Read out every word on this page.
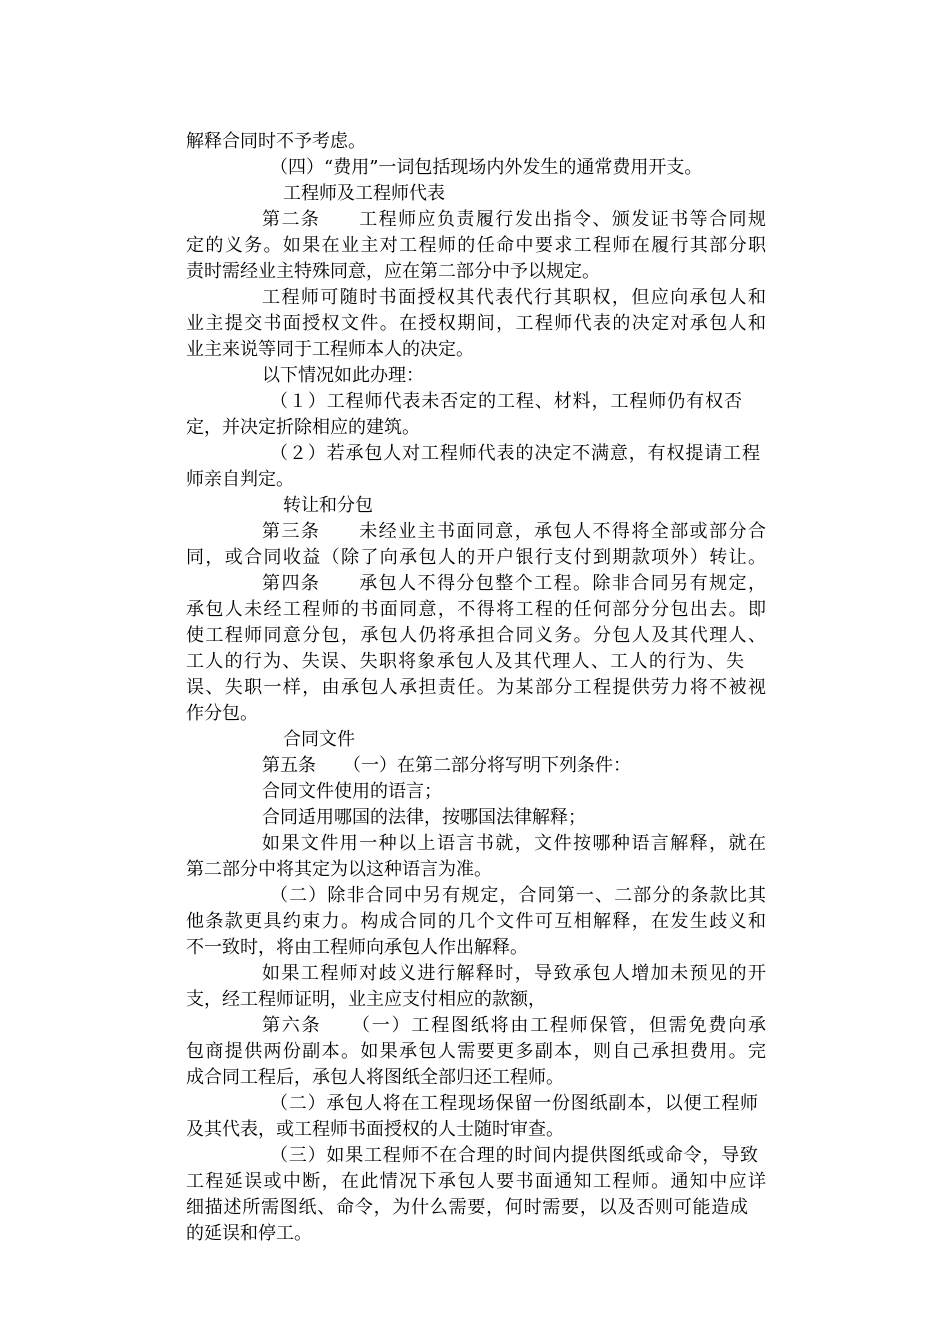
解释合同时不予考虑。
（四）“费用”一词包括现场内外发生的通常费用开支。
工程师及工程师代表
第二条　　工程师应负责履行发出指令、颁发证书等合同规
定的义务。如果在业主对工程师的任命中要求工程师在履行其部分职
责时需经业主特殊同意，应在第二部分中予以规定。
工程师可随时书面授权其代表代行其职权，但应向承包人和
业主提交书面授权文件。在授权期间，工程师代表的决定对承包人和
业主来说等同于工程师本人的决定。
以下情况如此办理：
（１）工程师代表未否定的工程、材料，工程师仍有权否
定，并决定折除相应的建筑。
（２）若承包人对工程师代表的决定不满意，有权提请工程
师亲自判定。
转让和分包
第三条　　未经业主书面同意，承包人不得将全部或部分合
同，或合同收益（除了向承包人的开户银行支付到期款项外）转让。
第四条　　承包人不得分包整个工程。除非合同另有规定，
承包人未经工程师的书面同意，不得将工程的任何部分分包出去。即
使工程师同意分包，承包人仍将承担合同义务。分包人及其代理人、
工人的行为、失误、失职将象承包人及其代理人、工人的行为、失
误、失职一样，由承包人承担责任。为某部分工程提供劳力将不被视
作分包。
合同文件
第五条　　（一）在第二部分将写明下列条件：
合同文件使用的语言；
合同适用哪国的法律，按哪国法律解释；
如果文件用一种以上语言书就，文件按哪种语言解释，就在
第二部分中将其定为以这种语言为准。
（二）除非合同中另有规定，合同第一、二部分的条款比其
他条款更具约束力。构成合同的几个文件可互相解释，在发生歧义和
不一致时，将由工程师向承包人作出解释。
如果工程师对歧义进行解释时，导致承包人增加未预见的开
支，经工程师证明，业主应支付相应的款额，
第六条　　（一）工程图纸将由工程师保管，但需免费向承
包商提供两份副本。如果承包人需要更多副本，则自己承担费用。完
成合同工程后，承包人将图纸全部归还工程师。
（二）承包人将在工程现场保留一份图纸副本，以便工程师
及其代表，或工程师书面授权的人士随时审查。
（三）如果工程师不在合理的时间内提供图纸或命令，导致
工程延误或中断，在此情况下承包人要书面通知工程师。通知中应详
细描述所需图纸、命令，为什么需要，何时需要，以及否则可能造成
的延误和停工。
